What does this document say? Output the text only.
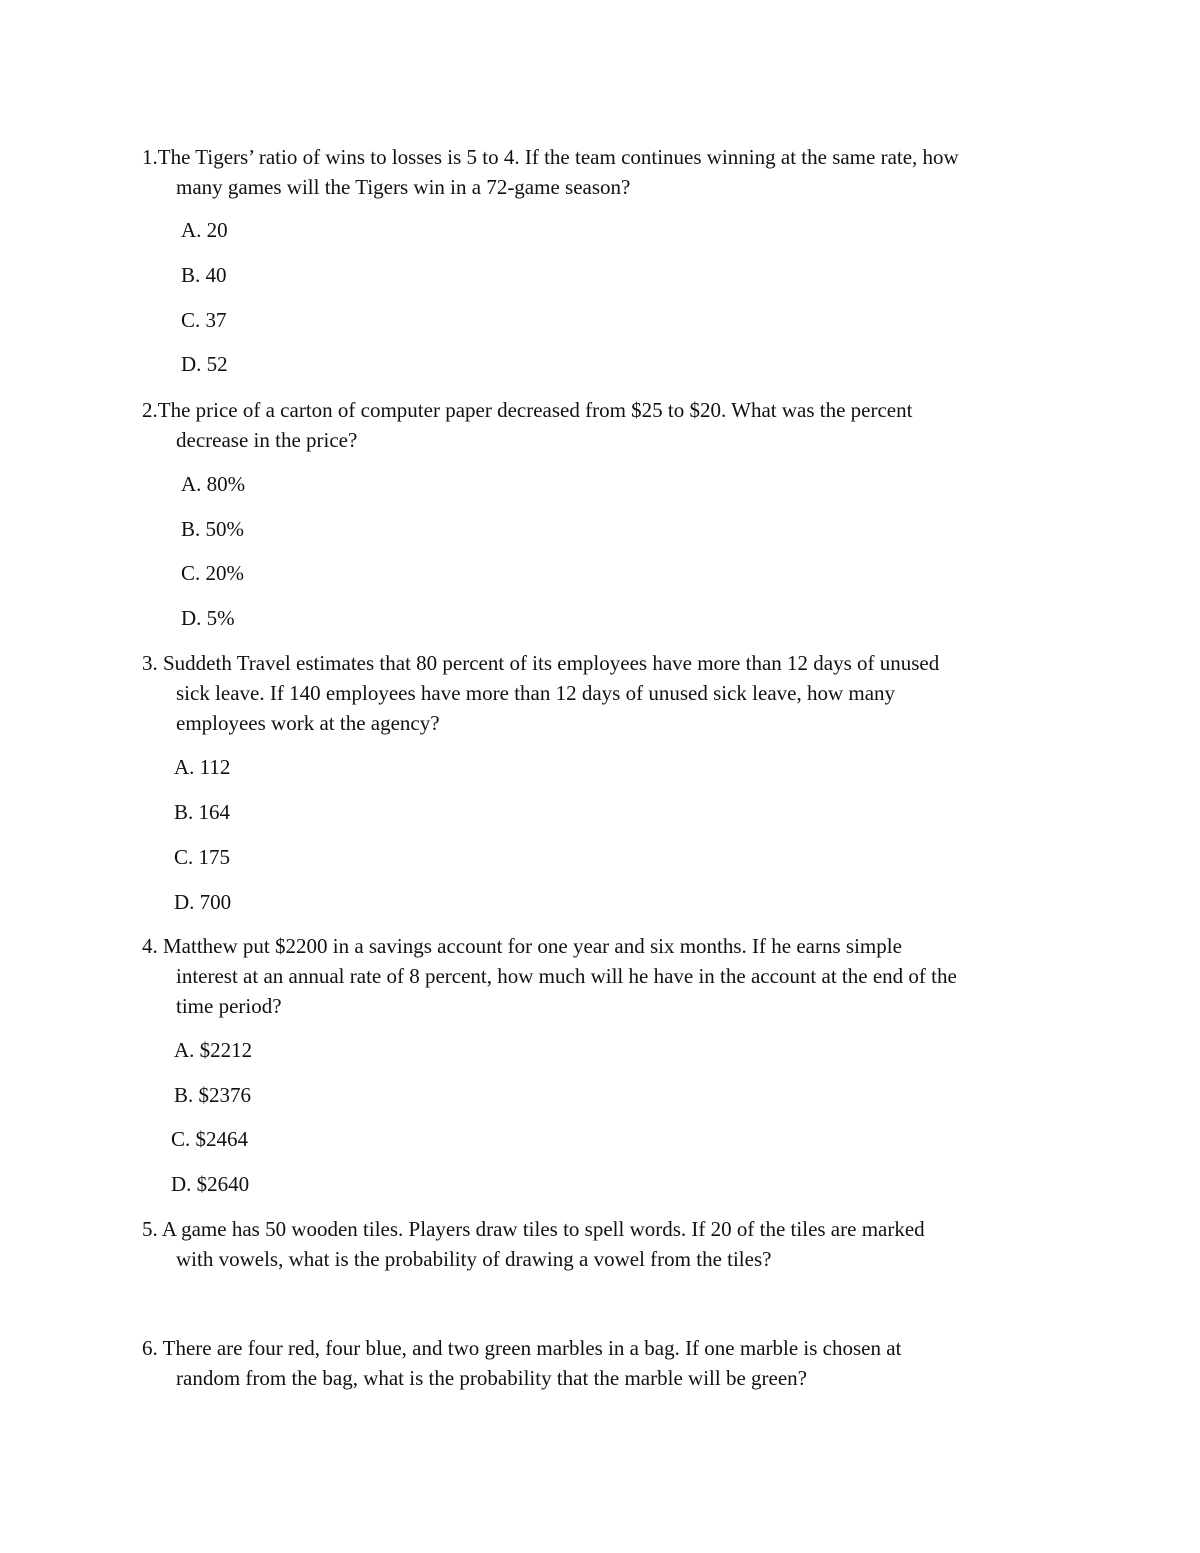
1.The Tigers’ ratio of wins to losses is 5 to 4. If the team continues winning at the same rate, how
many games will the Tigers win in a 72-game season?
A. 20
B. 40
C. 37
D. 52
2.The price of a carton of computer paper decreased from $25 to $20. What was the percent
decrease in the price?
A. 80%
B. 50%
C. 20%
D. 5%
3. Suddeth Travel estimates that 80 percent of its employees have more than 12 days of unused
sick leave. If 140 employees have more than 12 days of unused sick leave, how many
employees work at the agency?
A. 112
B. 164
C. 175
D. 700
4. Matthew put $2200 in a savings account for one year and six months. If he earns simple
interest at an annual rate of 8 percent, how much will he have in the account at the end of the
time period?
A. $2212
B. $2376
C. $2464
D. $2640
5. A game has 50 wooden tiles. Players draw tiles to spell words. If 20 of the tiles are marked
with vowels, what is the probability of drawing a vowel from the tiles?
6. There are four red, four blue, and two green marbles in a bag. If one marble is chosen at
random from the bag, what is the probability that the marble will be green?
